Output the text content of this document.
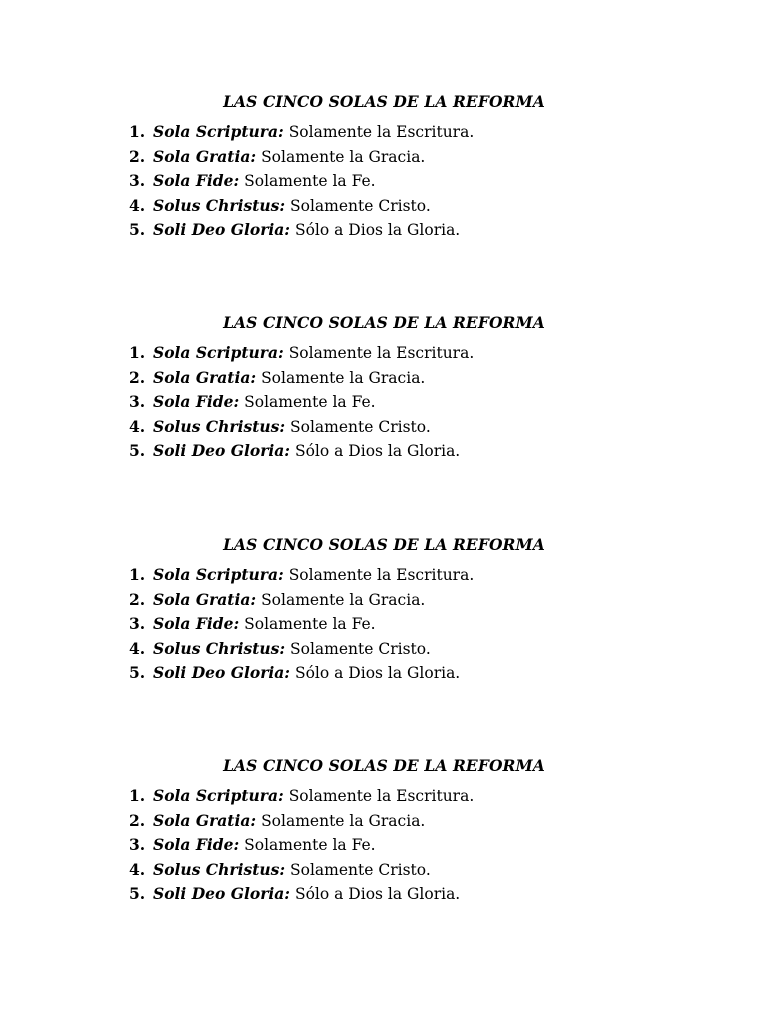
LAS CINCO SOLAS DE LA REFORMA
1. Sola Scriptura: Solamente la Escritura.
2. Sola Gratia: Solamente la Gracia.
3. Sola Fide: Solamente la Fe.
4. Solus Christus: Solamente Cristo.
5. Soli Deo Gloria: Sólo a Dios la Gloria.
LAS CINCO SOLAS DE LA REFORMA
1. Sola Scriptura: Solamente la Escritura.
2. Sola Gratia: Solamente la Gracia.
3. Sola Fide: Solamente la Fe.
4. Solus Christus: Solamente Cristo.
5. Soli Deo Gloria: Sólo a Dios la Gloria.
LAS CINCO SOLAS DE LA REFORMA
1. Sola Scriptura: Solamente la Escritura.
2. Sola Gratia: Solamente la Gracia.
3. Sola Fide: Solamente la Fe.
4. Solus Christus: Solamente Cristo.
5. Soli Deo Gloria: Sólo a Dios la Gloria.
LAS CINCO SOLAS DE LA REFORMA
1. Sola Scriptura: Solamente la Escritura.
2. Sola Gratia: Solamente la Gracia.
3. Sola Fide: Solamente la Fe.
4. Solus Christus: Solamente Cristo.
5. Soli Deo Gloria: Sólo a Dios la Gloria.
